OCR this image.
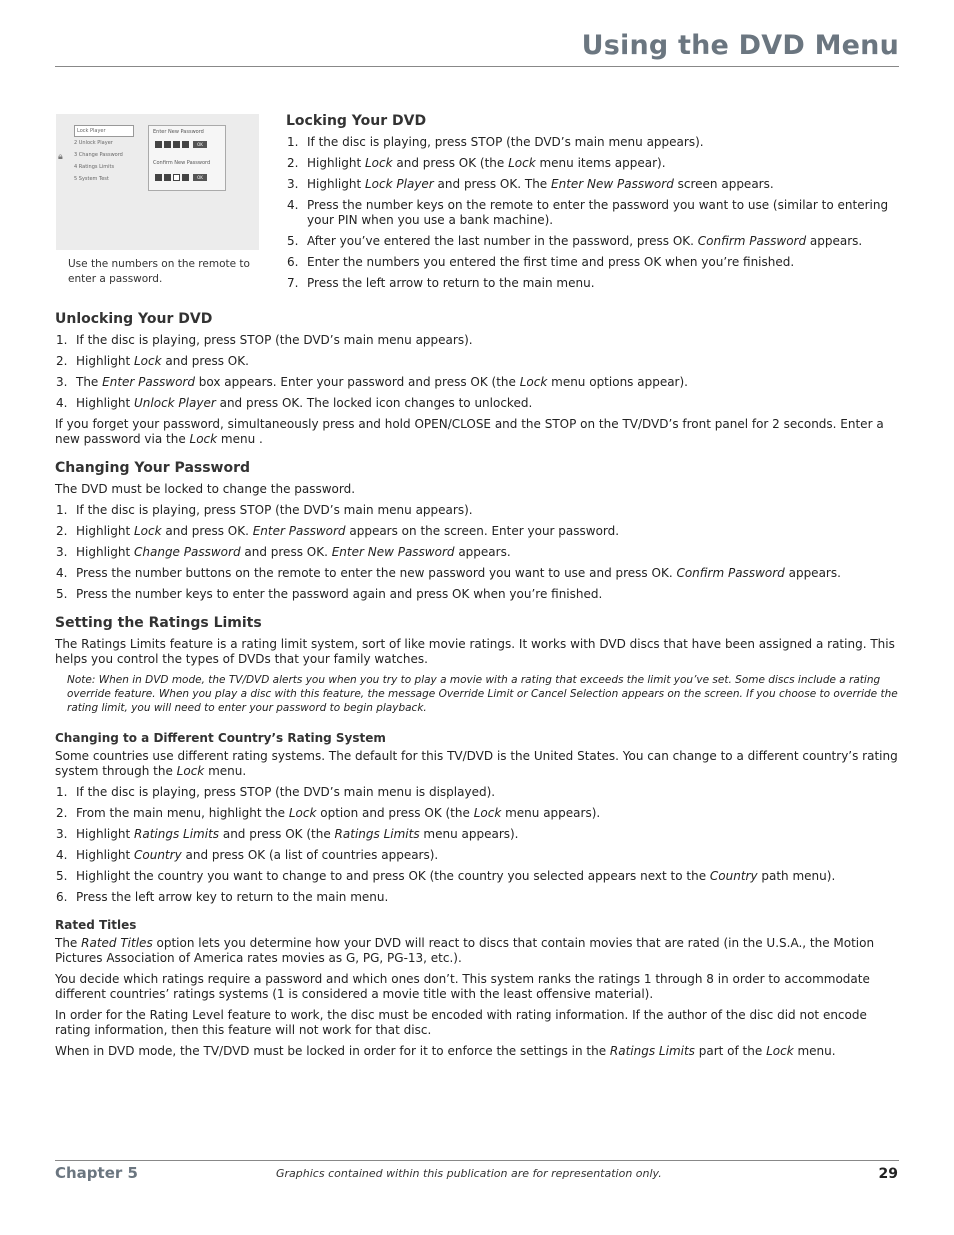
Using the DVD Menu
Lock Player
2 Unlock Player
3 Change Password
4 Ratings Limits
5 System Test
🔒︎
Enter New Password
OK
Confirm New Password
OK
Use the numbers on the remote to enter a password.
Locking Your DVD
1. If the disc is playing, press STOP (the DVD’s main menu appears).
2. Highlight Lock and press OK (the Lock menu items appear).
3. Highlight Lock Player and press OK. The Enter New Password screen appears.
4. Press the number keys on the remote to enter the password you want to use (similar to entering your PIN when you use a bank machine).
5. After you’ve entered the last number in the password, press OK. Confirm Password appears.
6. Enter the numbers you entered the first time and press OK when you’re finished.
7. Press the left arrow to return to the main menu.
Unlocking Your DVD
1. If the disc is playing, press STOP (the DVD’s main menu appears).
2. Highlight Lock and press OK.
3. The Enter Password box appears. Enter your password and press OK (the Lock menu options appear).
4. Highlight Unlock Player and press OK. The locked icon changes to unlocked.

If you forget your password, simultaneously press and hold OPEN/CLOSE and the STOP on the TV/DVD’s front panel for 2 seconds. Enter a new password via the Lock menu .

Changing Your Password

The DVD must be locked to change the password.

1. If the disc is playing, press STOP (the DVD’s main menu appears).
2. Highlight Lock and press OK. Enter Password appears on the screen. Enter your password.
3. Highlight Change Password and press OK. Enter New Password appears.
4. Press the number buttons on the remote to enter the new password you want to use and press OK. Confirm Password appears.
5. Press the number keys to enter the password again and press OK when you’re finished.
Setting the Ratings Limits

The Ratings Limits feature is a rating limit system, sort of like movie ratings. It works with DVD discs that have been assigned a rating. This helps you control the types of DVDs that your family watches.

Note: When in DVD mode, the TV/DVD alerts you when you try to play a movie with a rating that exceeds the limit you’ve set. Some discs include a rating override feature. When you play a disc with this feature, the message Override Limit or Cancel Selection appears on the screen. If you choose to override the rating limit, you will need to enter your password to begin playback.

Changing to a Different Country’s Rating System

Some countries use different rating systems. The default for this TV/DVD is the United States. You can change to a different country’s rating system through the Lock menu.

1. If the disc is playing, press STOP (the DVD’s main menu is displayed).
2. From the main menu, highlight the Lock option and press OK (the Lock menu appears).
3. Highlight Ratings Limits and press OK (the Ratings Limits menu appears).
4. Highlight Country and press OK (a list of countries appears).
5. Highlight the country you want to change to and press OK (the country you selected appears next to the Country path menu).
6. Press the left arrow key to return to the main menu.
Rated Titles

The Rated Titles option lets you determine how your DVD will react to discs that contain movies that are rated (in the U.S.A., the Motion Pictures Association of America rates movies as G, PG, PG-13, etc.).

You decide which ratings require a password and which ones don’t. This system ranks the ratings 1 through 8 in order to accommodate different countries’ ratings systems (1 is considered a movie title with the least offensive material).

In order for the Rating Level feature to work, the disc must be encoded with rating information. If the author of the disc did not encode rating information, then this feature will not work for that disc.

When in DVD mode, the TV/DVD must be locked in order for it to enforce the settings in the Ratings Limits part of the Lock menu.

Chapter 5	Graphics contained within this publication are for representation only.	29
